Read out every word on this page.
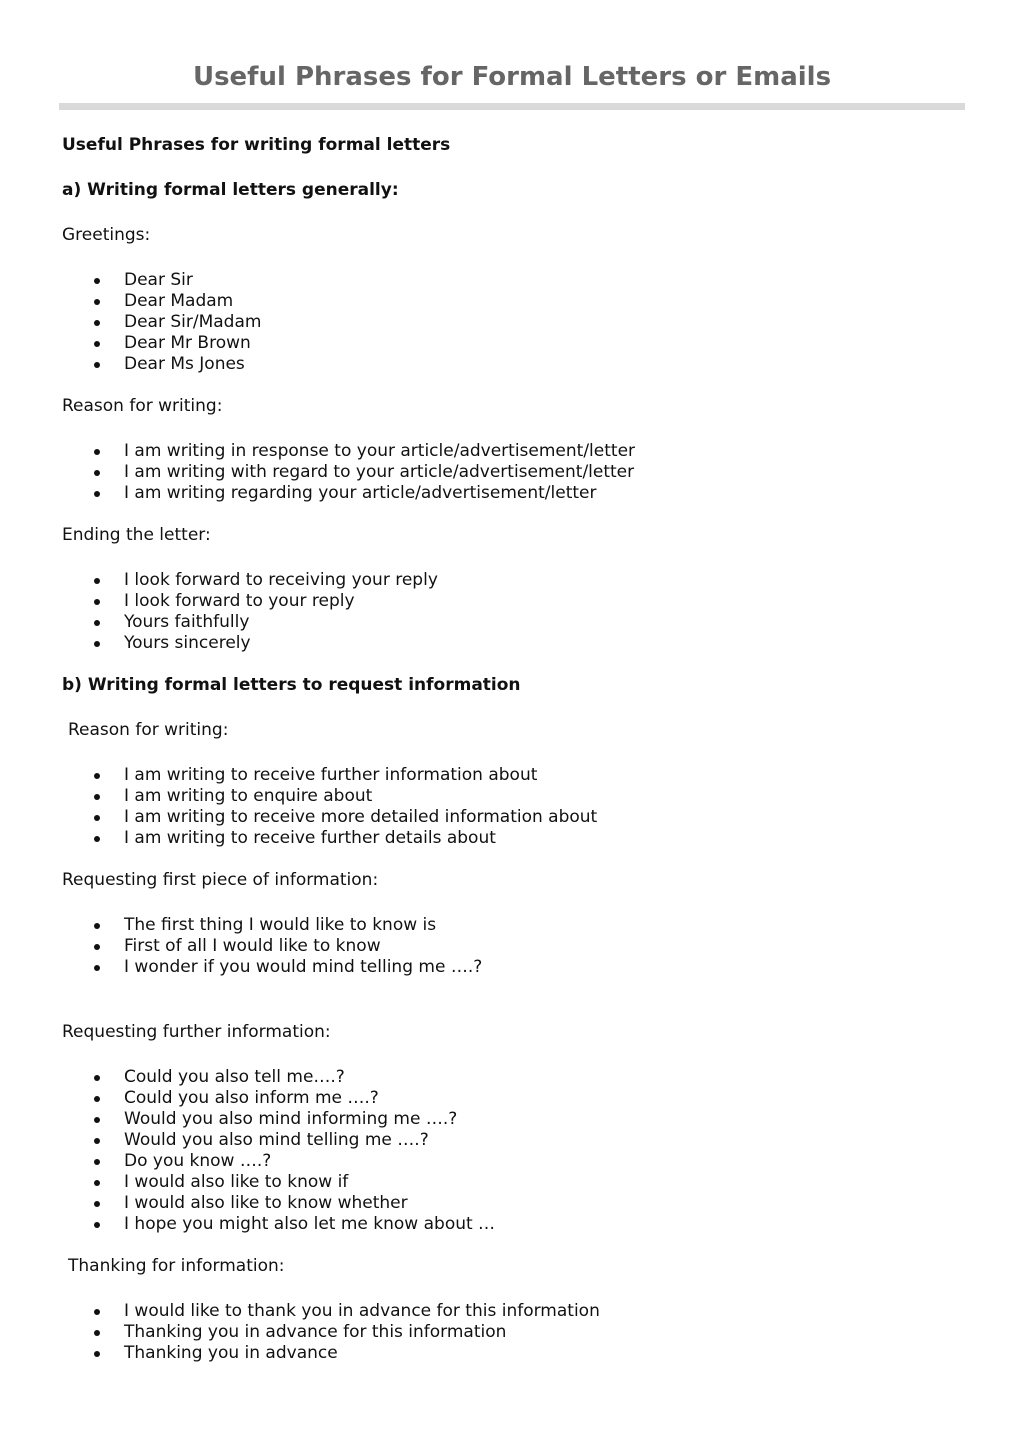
Useful Phrases for Formal Letters or Emails

Useful Phrases for writing formal letters

a) Writing formal letters generally:

Greetings:

Dear Sir
Dear Madam
Dear Sir/Madam
Dear Mr Brown
Dear Ms Jones

Reason for writing:

I am writing in response to your article/advertisement/letter
I am writing with regard to your article/advertisement/letter
I am writing regarding your article/advertisement/letter

Ending the letter:

I look forward to receiving your reply
I look forward to your reply
Yours faithfully
Yours sincerely

b) Writing formal letters to request information

Reason for writing:

I am writing to receive further information about
I am writing to enquire about
I am writing to receive more detailed information about
I am writing to receive further details about

Requesting first piece of information:

The first thing I would like to know is
First of all I would like to know
I wonder if you would mind telling me ….?

Requesting further information:

Could you also tell me….?
Could you also inform me ….?
Would you also mind informing me ….?
Would you also mind telling me ….?
Do you know ….?
I would also like to know if
I would also like to know whether
I hope you might also let me know about …

Thanking for information:

I would like to thank you in advance for this information
Thanking you in advance for this information
Thanking you in advance
